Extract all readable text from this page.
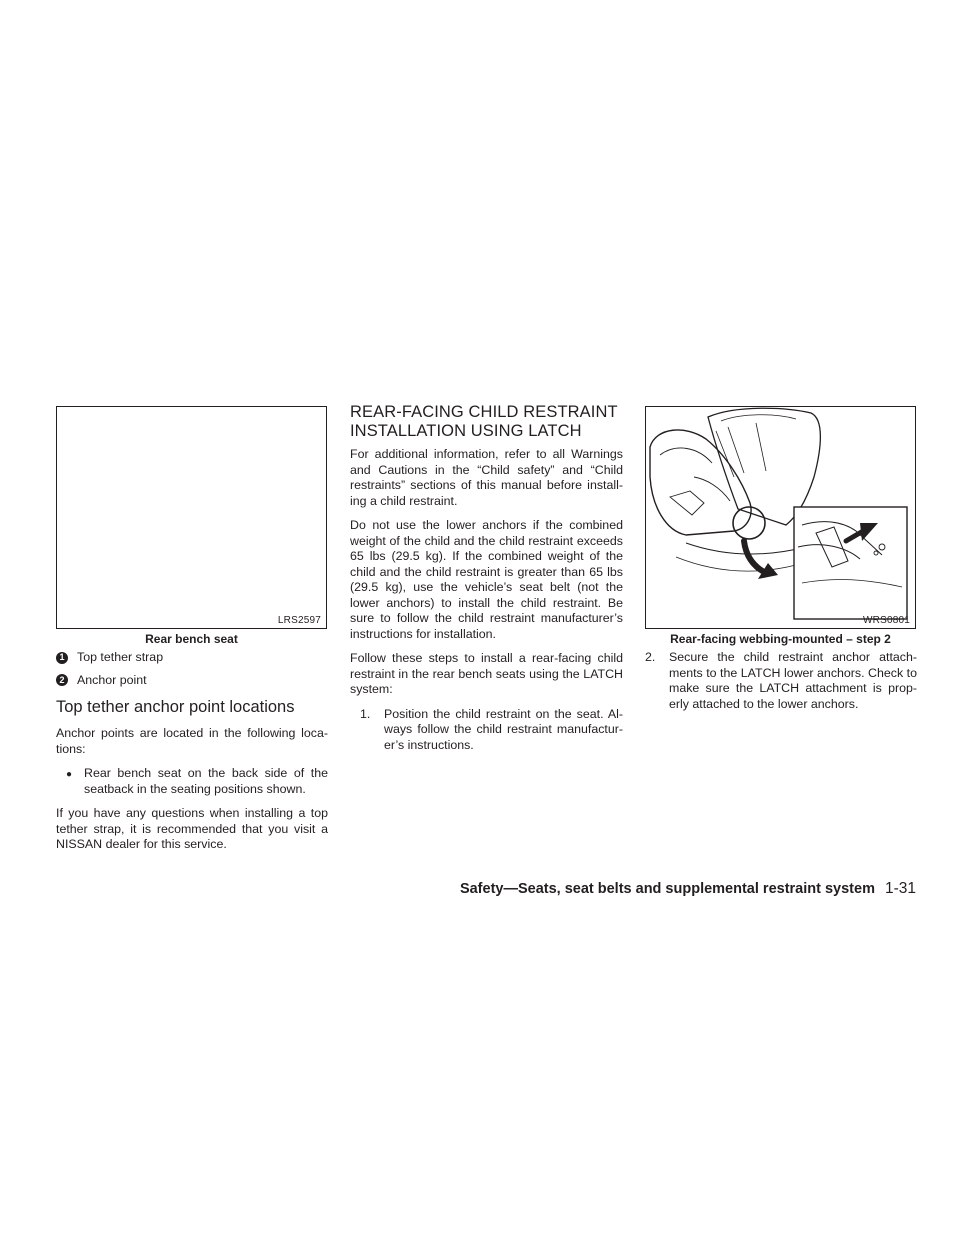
LRS2597
Rear bench seat
WRS0801
Rear-facing webbing-mounted – step 2
1 Top tether strap
2 Anchor point
Top tether anchor point locations

Anchor points are located in the following loca-tions:

● Rear bench seat on the back side of the seatback in the seating positions shown.

If you have any questions when installing a top tether strap, it is recommended that you visit a NISSAN dealer for this service.

REAR-FACING CHILD RESTRAINT
INSTALLATION USING LATCH

For additional information, refer to all Warnings and Cautions in the “Child safety” and “Child restraints” sections of this manual before install-ing a child restraint.

Do not use the lower anchors if the combined weight of the child and the child restraint exceeds 65 lbs (29.5 kg). If the combined weight of the child and the child restraint is greater than 65 lbs (29.5 kg), use the vehicle’s seat belt (not the lower anchors) to install the child restraint. Be sure to follow the child restraint manufacturer’s instructions for installation.

Follow these steps to install a rear-facing child restraint in the rear bench seats using the LATCH system:

1.	Position the child restraint on the seat. Al-ways follow the child restraint manufactur-er’s instructions.
2.	Secure the child restraint anchor attach-ments to the LATCH lower anchors. Check to make sure the LATCH attachment is prop-erly attached to the lower anchors.
Safety—Seats, seat belts and supplemental restraint system 1-31
